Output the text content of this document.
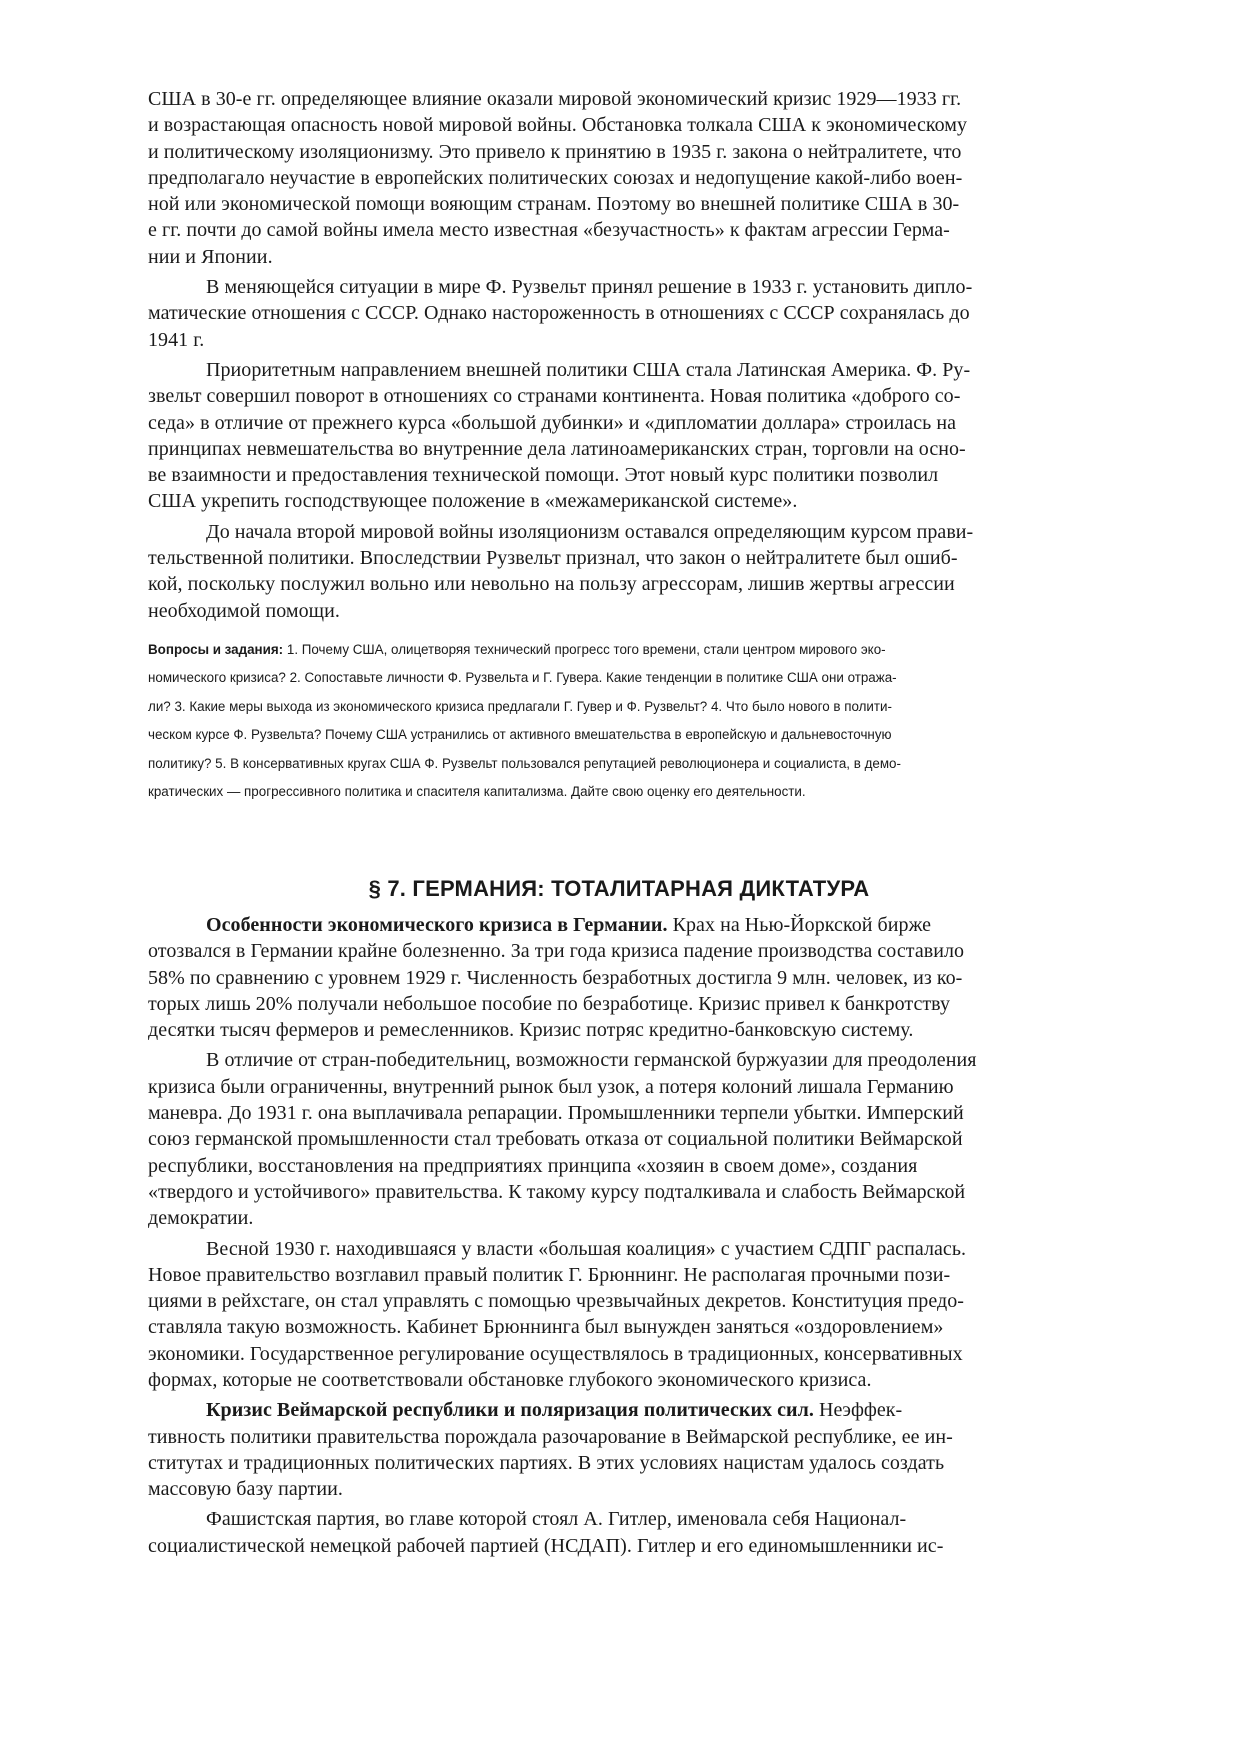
США в 30-е гг. определяющее влияние оказали мировой экономический кризис 1929—1933 гг.
и возрастающая опасность новой мировой войны. Обстановка толкала США к экономическому
и политическому изоляционизму. Это привело к принятию в 1935 г. закона о нейтралитете, что
предполагало неучастие в европейских политических союзах и недопущение какой-либо воен-
ной или экономической помощи вояющим странам. Поэтому во внешней политике США в 30-
е гг. почти до самой войны имела место известная «безучастность» к фактам агрессии Герма-
нии и Японии.
В меняющейся ситуации в мире Ф. Рузвельт принял решение в 1933 г. установить дипло-
матические отношения с СССР. Однако настороженность в отношениях с СССР сохранялась до
1941 г.
Приоритетным направлением внешней политики США стала Латинская Америка. Ф. Ру-
звельт совершил поворот в отношениях со странами континента. Новая политика «доброго со-
седа» в отличие от прежнего курса «большой дубинки» и «дипломатии доллара» строилась на
принципах невмешательства во внутренние дела латиноамериканских стран, торговли на осно-
ве взаимности и предоставления технической помощи. Этот новый курс политики позволил
США укрепить господствующее положение в «межамериканской системе».
До начала второй мировой войны изоляционизм оставался определяющим курсом прави-
тельственной политики. Впоследствии Рузвельт признал, что закон о нейтралитете был ошиб-
кой, поскольку послужил вольно или невольно на пользу агрессорам, лишив жертвы агрессии
необходимой помощи.
Вопросы и задания: 1. Почему США, олицетворяя технический прогресс того времени, стали центром мирового эко-
номического кризиса? 2. Сопоставьте личности Ф. Рузвельта и Г. Гувера. Какие тенденции в политике США они отража-
ли? 3. Какие меры выхода из экономического кризиса предлагали Г. Гувер и Ф. Рузвельт? 4. Что было нового в полити-
ческом курсе Ф. Рузвельта? Почему США устранились от активного вмешательства в европейскую и дальневосточную
политику? 5. В консервативных кругах США Ф. Рузвельт пользовался репутацией революционера и социалиста, в демо-
кратических — прогрессивного политика и спасителя капитализма. Дайте свою оценку его деятельности.
§ 7. ГЕРМАНИЯ: ТОТАЛИТАРНАЯ ДИКТАТУРА
Особенности экономического кризиса в Германии. Крах на Нью-Йоркской бирже
отозвался в Германии крайне болезненно. За три года кризиса падение производства составило
58% по сравнению с уровнем 1929 г. Численность безработных достигла 9 млн. человек, из ко-
торых лишь 20% получали небольшое пособие по безработице. Кризис привел к банкротству
десятки тысяч фермеров и ремесленников. Кризис потряс кредитно-банковскую систему.
В отличие от стран-победительниц, возможности германской буржуазии для преодоления
кризиса были ограниченны, внутренний рынок был узок, а потеря колоний лишала Германию
маневра. До 1931 г. она выплачивала репарации. Промышленники терпели убытки. Имперский
союз германской промышленности стал требовать отказа от социальной политики Веймарской
республики, восстановления на предприятиях принципа «хозяин в своем доме», создания
«твердого и устойчивого» правительства. К такому курсу подталкивала и слабость Веймарской
демократии.
Весной 1930 г. находившаяся у власти «большая коалиция» с участием СДПГ распалась.
Новое правительство возглавил правый политик Г. Брюннинг. Не располагая прочными пози-
циями в рейхстаге, он стал управлять с помощью чрезвычайных декретов. Конституция предо-
ставляла такую возможность. Кабинет Брюннинга был вынужден заняться «оздоровлением»
экономики. Государственное регулирование осуществлялось в традиционных, консервативных
формах, которые не соответствовали обстановке глубокого экономического кризиса.
Кризис Веймарской республики и поляризация политических сил. Неэффек-
тивность политики правительства порождала разочарование в Веймарской республике, ее ин-
ститутах и традиционных политических партиях. В этих условиях нацистам удалось создать
массовую базу партии.
Фашистская партия, во главе которой стоял А. Гитлер, именовала себя Национал-
социалистической немецкой рабочей партией (НСДАП). Гитлер и его единомышленники ис-
